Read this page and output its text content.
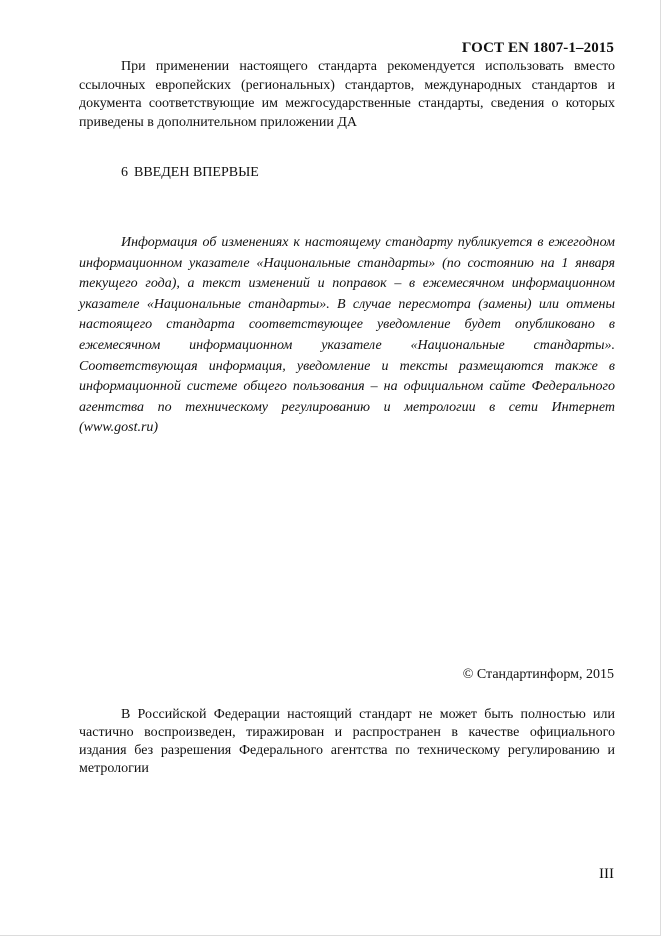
ГОСТ EN 1807-1–2015

При применении настоящего стандарта рекомендуется использовать вместо ссылочных европейских (региональных) стандартов, международных стандартов и документа соответствующие им межгосударственные стандарты, сведения о которых приведены в дополнительном приложении ДА

6 ВВЕДЕН ВПЕРВЫЕ

Информация об изменениях к настоящему стандарту публикуется в ежегодном информационном указателе «Национальные стандарты» (по состоянию на 1 января текущего года), а текст изменений и поправок – в ежемесячном информационном указателе «Национальные стандарты». В случае пересмотра (замены) или отмены настоящего стандарта соответствующее уведомление будет опубликовано в ежемесячном информационном указателе «Национальные стандарты». Соответствующая информация, уведомление и тексты размещаются также в информационной системе общего пользования – на официальном сайте Федерального агентства по техническому регулированию и метрологии в сети Интернет (www.gost.ru)

© Стандартинформ, 2015

В Российской Федерации настоящий стандарт не может быть полностью или частично воспроизведен, тиражирован и распространен в качестве официального издания без разрешения Федерального агентства по техническому регулированию и метрологии

III
